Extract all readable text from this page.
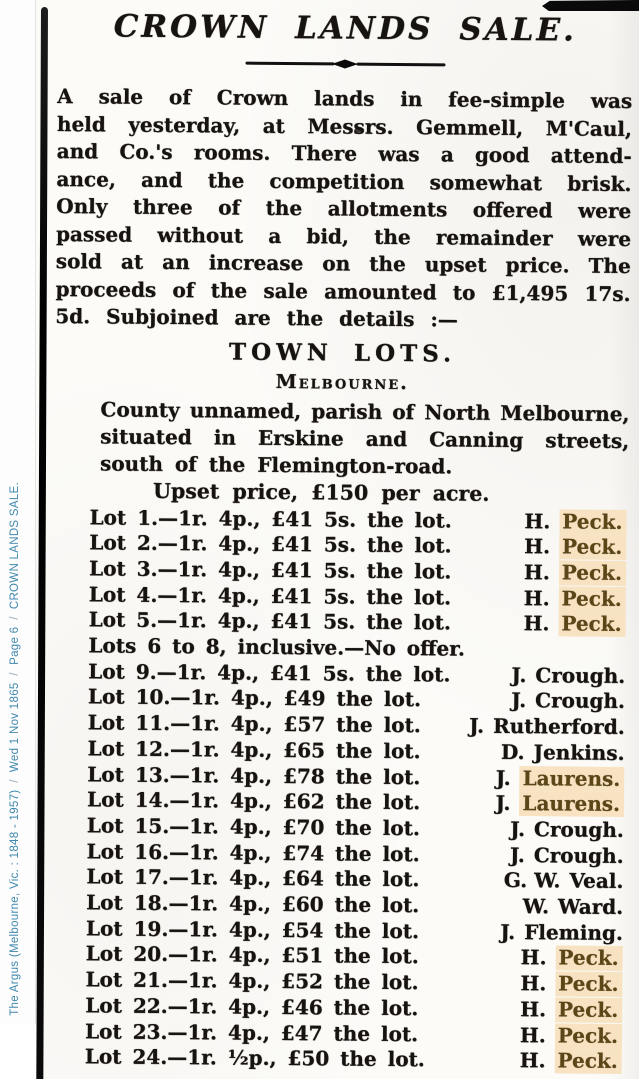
The Argus (Melbourne, Vic. : 1848 - 1957)/Wed 1 Nov 1865/Page 6/CROWN LANDS SALE.
CROWN LANDS SALE.
A sale of Crown lands in fee-simple was
held yesterday, at Messrs. Gemmell, M'Caul,
and Co.'s rooms. There was a good attend-
ance, and the competition somewhat brisk.
Only three of the allotments offered were
passed without a bid, the remainder were
sold at an increase on the upset price. The
proceeds of the sale amounted to £1,495 17s.
5d. Subjoined are the details :—
TOWN LOTS.
Melbourne.
County unnamed, parish of North Melbourne,
situated in Erskine and Canning streets,
south of the Flemington-road.
Upset price, £150 per acre.
Lot 1.—1r. 4p., £41 5s. the lot.	H. Peck.
Lot 2.—1r. 4p., £41 5s. the lot.	H. Peck.
Lot 3.—1r. 4p., £41 5s. the lot.	H. Peck.
Lot 4.—1r. 4p., £41 5s. the lot.	H. Peck.
Lot 5.—1r. 4p., £41 5s. the lot.	H. Peck.
Lots 6 to 8, inclusive.—No offer.
Lot 9.—1r. 4p., £41 5s. the lot.	J. Crough.
Lot 10.—1r. 4p., £49 the lot.	J. Crough.
Lot 11.—1r. 4p., £57 the lot. J. Rutherford.
Lot 12.—1r. 4p., £65 the lot.	D. Jenkins.
Lot 13.—1r. 4p., £78 the lot.	J. Laurens.
Lot 14.—1r. 4p., £62 the lot.	J. Laurens.
Lot 15.—1r. 4p., £70 the lot.	J. Crough.
Lot 16.—1r. 4p., £74 the lot.	J. Crough.
Lot 17.—1r. 4p., £64 the lot.	G. W. Veal.
Lot 18.—1r. 4p., £60 the lot.	W. Ward.
Lot 19.—1r. 4p., £54 the lot.	J. Fleming.
Lot 20.—1r. 4p., £51 the lot.	H. Peck.
Lot 21.—1r. 4p., £52 the lot.	H. Peck.
Lot 22.—1r. 4p., £46 the lot.	H. Peck.
Lot 23.—1r. 4p., £47 the lot.	H. Peck.
Lot 24.—1r. ½p., £50 the lot.	H. Peck.
